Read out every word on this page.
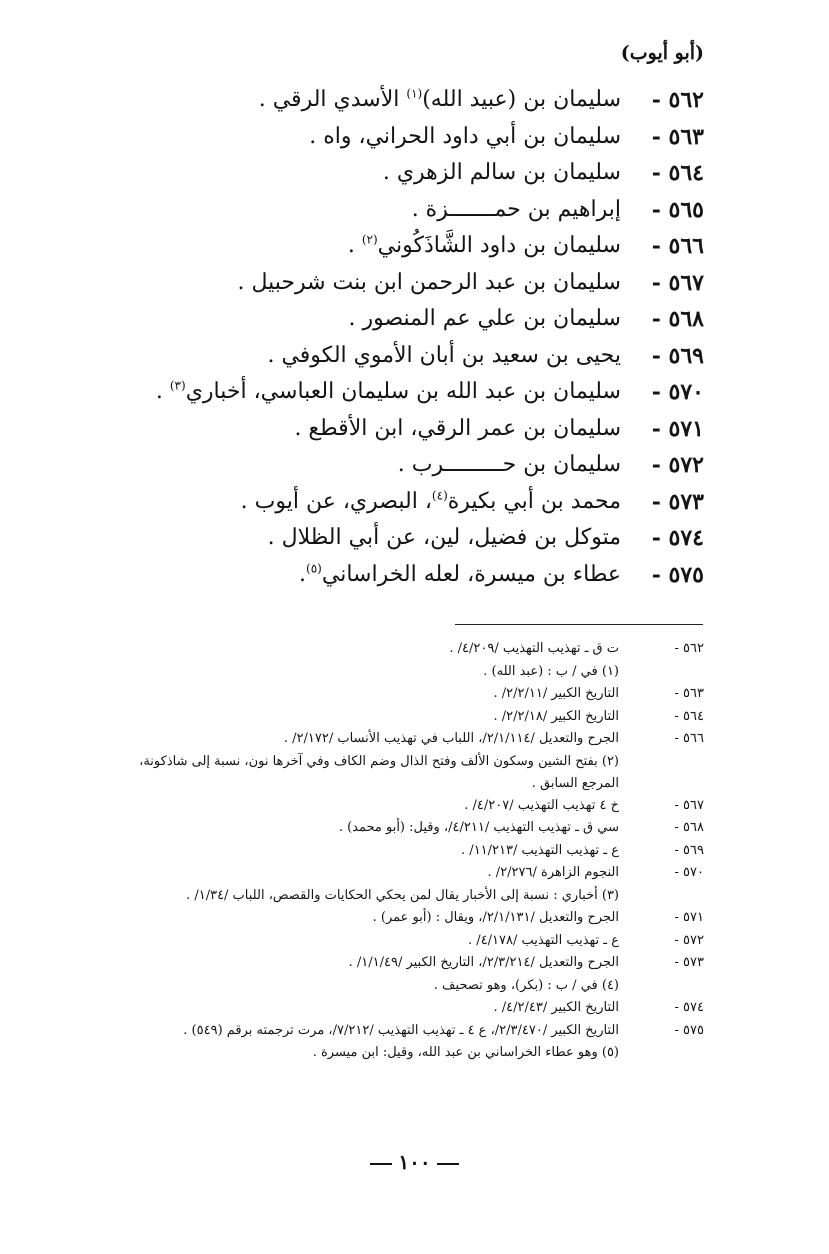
(أبو أيوب)
٥٦٢ -
سليمان بن (عبيد الله)$^{(١)}$ الأسدي الرقي .
٥٦٣ -
سليمان بن أبي داود الحراني، واه .
٥٦٤ -
سليمان بن سالم الزهري .
٥٦٥ -
إبراهيم بن حمـــــــزة .
٥٦٦ -
سليمان بن داود الشَّاذَكُوني$^{(٢)}$ .
٥٦٧ -
سليمان بن عبد الرحمن ابن بنت شرحبيل .
٥٦٨ -
سليمان بن علي عم المنصور .
٥٦٩ -
يحيى بن سعيد بن أبان الأموي الكوفي .
٥٧٠ -
سليمان بن عبد الله بن سليمان العباسي، أخباري$^{(٣)}$ .
٥٧١ -
سليمان بن عمر الرقي، ابن الأقطع .
٥٧٢ -
سليمان بن حـــــــــرب .
٥٧٣ -
محمد بن أبي بكيرة$^{(٤)}$، البصري، عن أيوب .
٥٧٤ -
متوكل بن فضيل، لين، عن أبي الظلال .
٥٧٥ -
عطاء بن ميسرة، لعله الخراساني$^{(٥)}$.
٥٦٢ -
ت ق ـ تهذيب التهذيب /٤/٢٠٩/ .
(١) في / ب : (عبد الله) .
٥٦٣ -
التاريخ الكبير /٢/٢/١١/ .
٥٦٤ -
التاريخ الكبير /٢/٢/١٨/ .
٥٦٦ -
الجرح والتعديل /٢/١/١١٤/، اللباب في تهذيب الأنساب /٢/١٧٢/ .
(٢) بفتح الشين وسكون الألف وفتح الذال وضم الكاف وفي آخرها نون، نسبة إلى شاذكونة، المرجع السابق .
٥٦٧ -
خ ٤ تهذيب التهذيب /٤/٢٠٧/ .
٥٦٨ -
سي ق ـ تهذيب التهذيب /٤/٢١١/، وقيل: (أبو محمد) .
٥٦٩ -
ع ـ تهذيب التهذيب /١١/٢١٣/ .
٥٧٠ -
النجوم الزاهرة /٢/٢٧٦/ .
(٣) أخباري : نسبة إلى الأخبار يقال لمن يحكي الحكايات والقصص، اللباب /١/٣٤/ .
٥٧١ -
الجرح والتعديل /٢/١/١٣١/، ويقال : (أبو عمر) .
٥٧٢ -
ع ـ تهذيب التهذيب /٤/١٧٨/ .
٥٧٣ -
الجرح والتعديل /٢/٣/٢١٤/، التاريخ الكبير /١/١/٤٩/ .
(٤) في / ب : (بكر)، وهو تصحيف .
٥٧٤ -
التاريخ الكبير /٤/٢/٤٣/ .
٥٧٥ -
التاريخ الكبير /٢/٣/٤٧٠/، ع ٤ ـ تهذيب التهذيب /٧/٢١٢/، مرت ترجمته برقم (٥٤٩) .
(٥) وهو عطاء الخراساني بن عبد الله، وقيل: ابن ميسرة .
١٠٠
